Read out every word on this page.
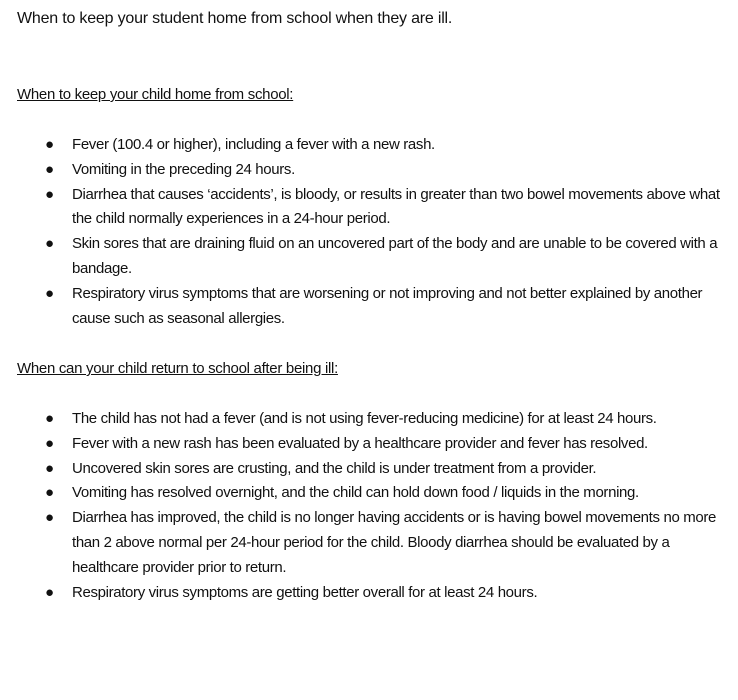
When to keep your student home from school when they are ill.
When to keep your child home from school:
● Fever (100.4 or higher), including a fever with a new rash.
● Vomiting in the preceding 24 hours.
● Diarrhea that causes ‘accidents’, is bloody, or results in greater than two bowel movements above what the child normally experiences in a 24-hour period.
● Skin sores that are draining fluid on an uncovered part of the body and are unable to be covered with a bandage.
● Respiratory virus symptoms that are worsening or not improving and not better explained by another cause such as seasonal allergies.
When can your child return to school after being ill:
● The child has not had a fever (and is not using fever-reducing medicine) for at least 24 hours.
● Fever with a new rash has been evaluated by a healthcare provider and fever has resolved.
● Uncovered skin sores are crusting, and the child is under treatment from a provider.
● Vomiting has resolved overnight, and the child can hold down food / liquids in the morning.
● Diarrhea has improved, the child is no longer having accidents or is having bowel movements no more than 2 above normal per 24-hour period for the child. Bloody diarrhea should be evaluated by a healthcare provider prior to return.
● Respiratory virus symptoms are getting better overall for at least 24 hours.
